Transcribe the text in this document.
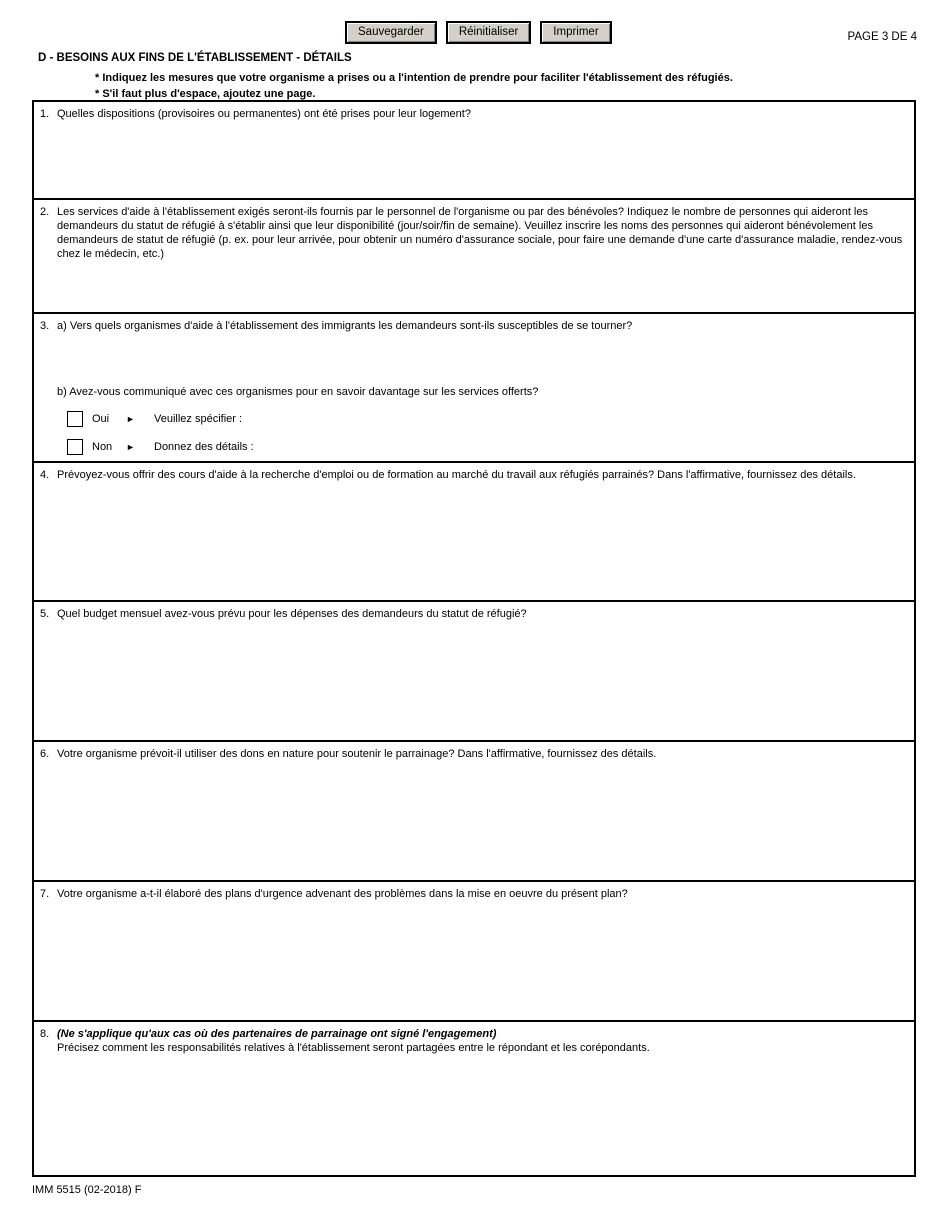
Sauvegarder	Réinitialiser	Imprimer	PAGE 3 DE 4
D - BESOINS AUX FINS DE L'ÉTABLISSEMENT - DÉTAILS
* Indiquez les mesures que votre organisme a prises ou a l'intention de prendre pour faciliter l'établissement des réfugiés.
* S'il faut plus d'espace, ajoutez une page.
1. Quelles dispositions (provisoires ou permanentes) ont été prises pour leur logement?
2. Les services d'aide à l'établissement exigés seront-ils fournis par le personnel de l'organisme ou par des bénévoles? Indiquez le nombre de personnes qui aideront les demandeurs du statut de réfugié à s'établir ainsi que leur disponibilité (jour/soir/fin de semaine). Veuillez inscrire les noms des personnes qui aideront bénévolement les demandeurs de statut de réfugié (p. ex. pour leur arrivée, pour obtenir un numéro d'assurance sociale, pour faire une demande d'une carte d'assurance maladie, rendez-vous chez le médecin, etc.)
3. a) Vers quels organismes d'aide à l'établissement des immigrants les demandeurs sont-ils susceptibles de se tourner?
b) Avez-vous communiqué avec ces organismes pour en savoir davantage sur les services offerts?
Oui	►	Veuillez spécifier :
Non	►	Donnez des détails :
4. Prévoyez-vous offrir des cours d'aide à la recherche d'emploi ou de formation au marché du travail aux réfugiés parrainés? Dans l'affirmative, fournissez des détails.
5. Quel budget mensuel avez-vous prévu pour les dépenses des demandeurs du statut de réfugié?
6. Votre organisme prévoit-il utiliser des dons en nature pour soutenir le parrainage? Dans l'affirmative, fournissez des détails.
7. Votre organisme a-t-il élaboré des plans d'urgence advenant des problèmes dans la mise en oeuvre du présent plan?
8. (Ne s'applique qu'aux cas où des partenaires de parrainage ont signé l'engagement)
Précisez comment les responsabilités relatives à l'établissement seront partagées entre le répondant et les corépondants.
IMM 5515 (02-2018) F
